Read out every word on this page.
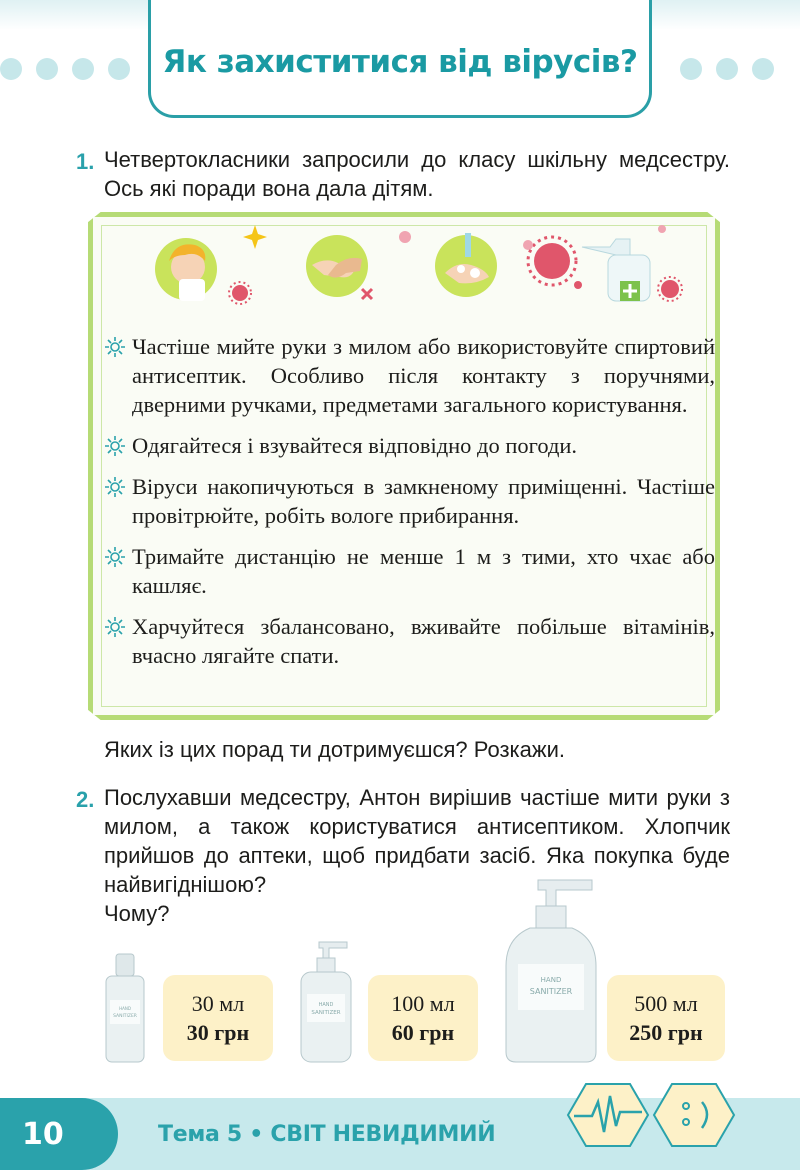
Як захиститися від вірусів?
1. Четвертокласники запросили до класу шкільну медсестру. Ось які поради вона дала дітям.
Частіше мийте руки з милом або використовуйте спиртовий антисептик. Особливо після контакту з поручнями, дверними ручками, предметами загального користування.
Одягайтеся і взувайтеся відповідно до погоди.
Віруси накопичуються в замкненому приміщенні. Частіше провітрюйте, робіть вологе прибирання.
Тримайте дистанцію не менше 1 м з тими, хто чхає або кашляє.
Харчуйтеся збалансовано, вживайте побільше вітамінів, вчасно лягайте спати.
Яких із цих порад ти дотримуєшся? Розкажи.
2. Послухавши медсестру, Антон вирішив частіше мити руки з милом, а також користуватися антисептиком. Хлопчик прийшов до аптеки, щоб придбати засіб. Яка покупка буде найвигіднішою?
Чому?
HAND
SANITIZER
30 мл
30 грн
HAND
SANITIZER	100 мл
60 грн
HAND
SANITIZER	500 мл
250 грн
10	Тема 5 • СВІТ НЕВИДИМИЙ
